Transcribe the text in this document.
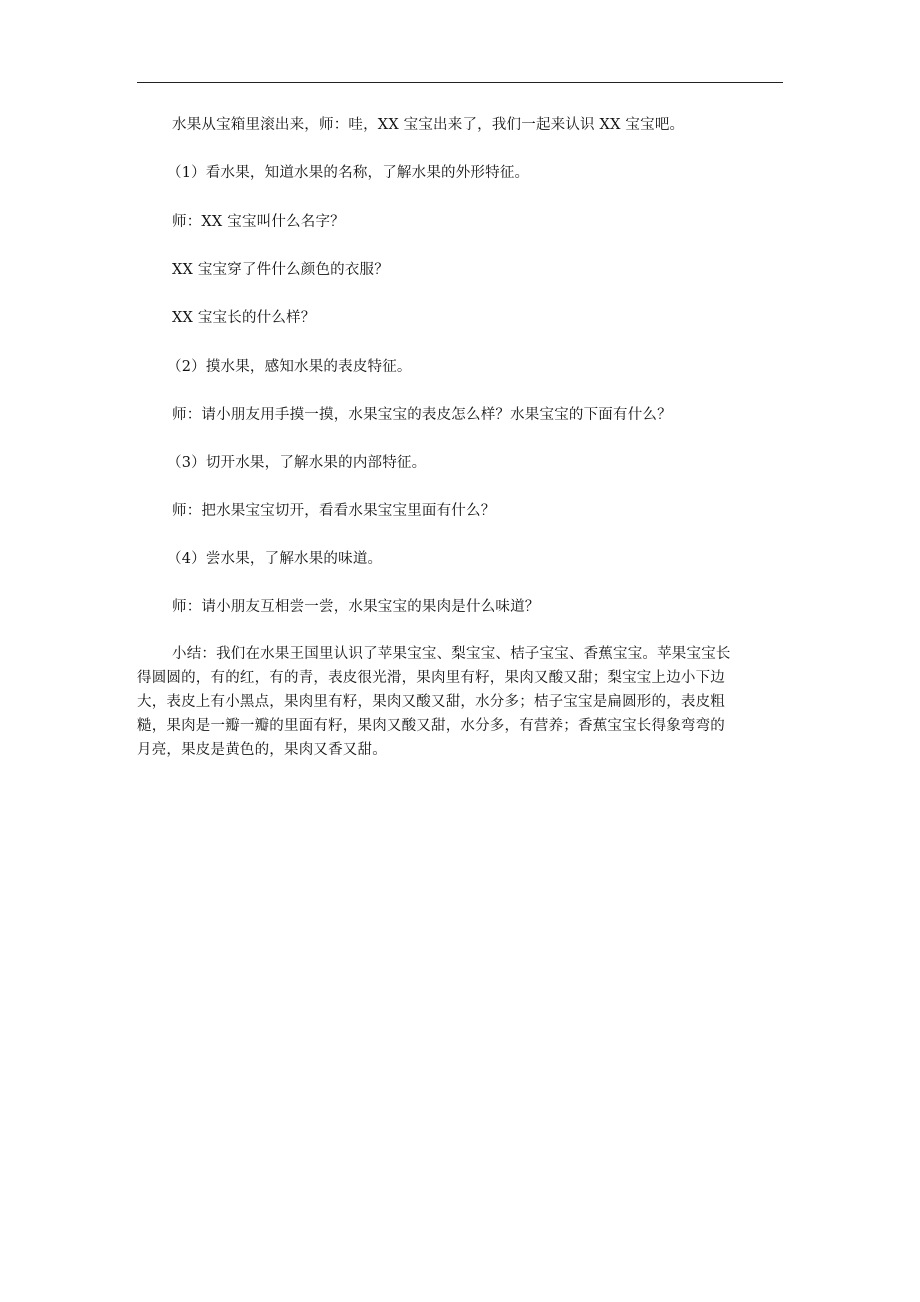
水果从宝箱里滚出来，师：哇，XX 宝宝出来了，我们一起来认识 XX 宝宝吧。
（1）看水果，知道水果的名称，了解水果的外形特征。
师：XX 宝宝叫什么名字？
XX 宝宝穿了件什么颜色的衣服？
XX 宝宝长的什么样？
（2）摸水果，感知水果的表皮特征。
师：请小朋友用手摸一摸，水果宝宝的表皮怎么样？水果宝宝的下面有什么？
（3）切开水果，了解水果的内部特征。
师：把水果宝宝切开，看看水果宝宝里面有什么？
（4）尝水果，了解水果的味道。
师：请小朋友互相尝一尝，水果宝宝的果肉是什么味道？
小结：我们在水果王国里认识了苹果宝宝、梨宝宝、桔子宝宝、香蕉宝宝。苹果宝宝长
得圆圆的，有的红，有的青，表皮很光滑，果肉里有籽，果肉又酸又甜；梨宝宝上边小下边
大，表皮上有小黑点，果肉里有籽，果肉又酸又甜，水分多；桔子宝宝是扁圆形的，表皮粗
糙，果肉是一瓣一瓣的里面有籽，果肉又酸又甜，水分多，有营养；香蕉宝宝长得象弯弯的
月亮，果皮是黄色的，果肉又香又甜。
